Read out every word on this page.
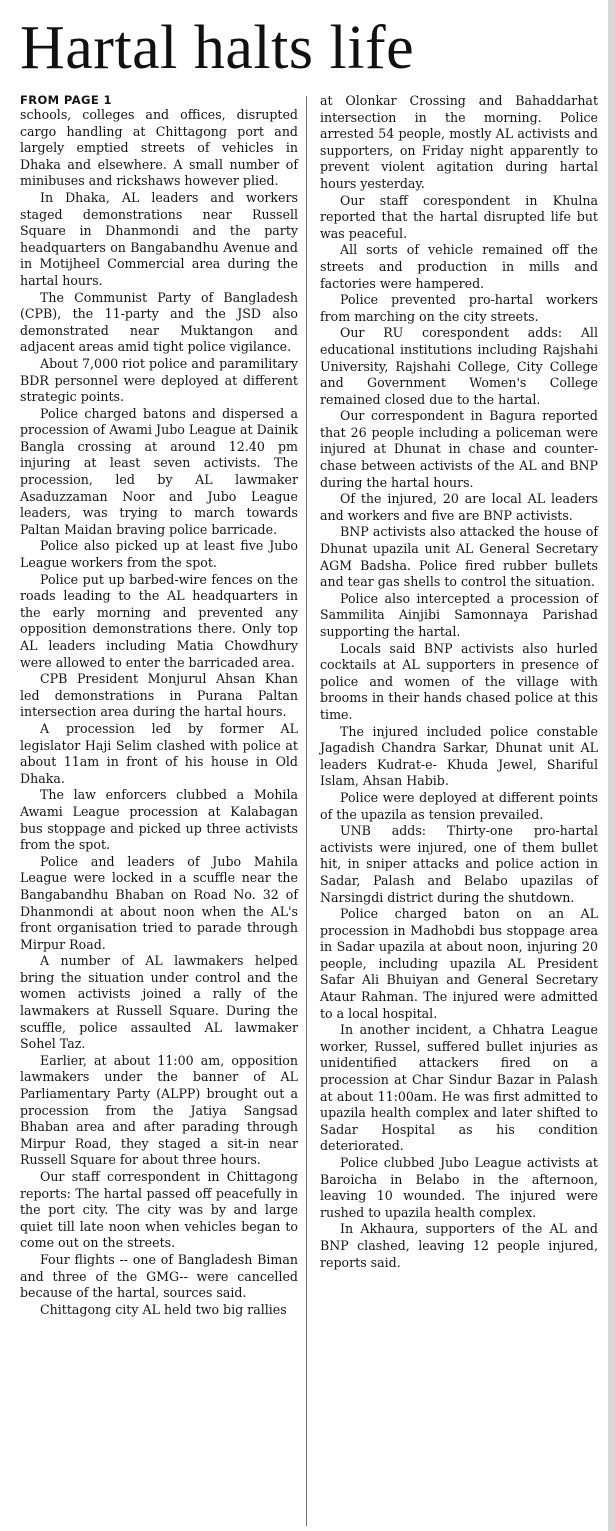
Hartal halts life
FROM PAGE 1

schools, colleges and offices, disrupted cargo handling at Chittagong port and largely emptied streets of vehicles in Dhaka and elsewhere. A small number of minibuses and rickshaws however plied.

In Dhaka, AL leaders and workers staged demonstrations near Russell Square in Dhanmondi and the party headquarters on Bangabandhu Avenue and in Motijheel Commercial area during the hartal hours.

The Communist Party of Bangladesh (CPB), the 11-party and the JSD also demonstrated near Muktangon and adjacent areas amid tight police vigilance.

About 7,000 riot police and paramilitary BDR personnel were deployed at different strategic points.

Police charged batons and dispersed a procession of Awami Jubo League at Dainik Bangla crossing at around 12.40 pm injuring at least seven activists. The procession, led by AL lawmaker Asaduzzaman Noor and Jubo League leaders, was trying to march towards Paltan Maidan braving police barricade.

Police also picked up at least five Jubo League workers from the spot.

Police put up barbed-wire fences on the roads leading to the AL headquarters in the early morning and prevented any opposition demonstrations there. Only top AL leaders including Matia Chowdhury were allowed to enter the barricaded area.

CPB President Monjurul Ahsan Khan led demonstrations in Purana Paltan intersection area during the hartal hours.

A procession led by former AL legislator Haji Selim clashed with police at about 11am in front of his house in Old Dhaka.

The law enforcers clubbed a Mohila Awami League procession at Kalabagan bus stoppage and picked up three activists from the spot.

Police and leaders of Jubo Mahila League were locked in a scuffle near the Bangabandhu Bhaban on Road No. 32 of Dhanmondi at about noon when the AL's front organisation tried to parade through Mirpur Road.

A number of AL lawmakers helped bring the situation under control and the women activists joined a rally of the lawmakers at Russell Square. During the scuffle, police assaulted AL lawmaker Sohel Taz.

Earlier, at about 11:00 am, opposition lawmakers under the banner of AL Parliamentary Party (ALPP) brought out a procession from the Jatiya Sangsad Bhaban area and after parading through Mirpur Road, they staged a sit-in near Russell Square for about three hours.

Our staff correspondent in Chittagong reports: The hartal passed off peacefully in the port city. The city was by and large quiet till late noon when vehicles began to come out on the streets.

Four flights -- one of Bangladesh Biman and three of the GMG-- were cancelled because of the hartal, sources said.

Chittagong city AL held two big rallies

at Olonkar Crossing and Bahaddarhat intersection in the morning. Police arrested 54 people, mostly AL activists and supporters, on Friday night apparently to prevent violent agitation during hartal hours yesterday.

Our staff corespondent in Khulna reported that the hartal disrupted life but was peaceful.

All sorts of vehicle remained off the streets and production in mills and factories were hampered.

Police prevented pro-hartal workers from marching on the city streets.

Our RU corespondent adds: All educational institutions including Rajshahi University, Rajshahi College, City College and Government Women's College remained closed due to the hartal.

Our correspondent in Bagura reported that 26 people including a policeman were injured at Dhunat in chase and counter-chase between activists of the AL and BNP during the hartal hours.

Of the injured, 20 are local AL leaders and workers and five are BNP activists.

BNP activists also attacked the house of Dhunat upazila unit AL General Secretary AGM Badsha. Police fired rubber bullets and tear gas shells to control the situation.

Police also intercepted a procession of Sammilita Ainjibi Samonnaya Parishad supporting the hartal.

Locals said BNP activists also hurled cocktails at AL supporters in presence of police and women of the village with brooms in their hands chased police at this time.

The injured included police constable Jagadish Chandra Sarkar, Dhunat unit AL leaders Kudrat-e- Khuda Jewel, Shariful Islam, Ahsan Habib.

Police were deployed at different points of the upazila as tension prevailed.

UNB adds: Thirty-one pro-hartal activists were injured, one of them bullet hit, in sniper attacks and police action in Sadar, Palash and Belabo upazilas of Narsingdi district during the shutdown.

Police charged baton on an AL procession in Madhobdi bus stoppage area in Sadar upazila at about noon, injuring 20 people, including upazila AL President Safar Ali Bhuiyan and General Secretary Ataur Rahman. The injured were admitted to a local hospital.

In another incident, a Chhatra League worker, Russel, suffered bullet injuries as unidentified attackers fired on a procession at Char Sindur Bazar in Palash at about 11:00am. He was first admitted to upazila health complex and later shifted to Sadar Hospital as his condition deteriorated.

Police clubbed Jubo League activists at Baroicha in Belabo in the afternoon, leaving 10 wounded. The injured were rushed to upazila health complex.

In Akhaura, supporters of the AL and BNP clashed, leaving 12 people injured, reports said.
